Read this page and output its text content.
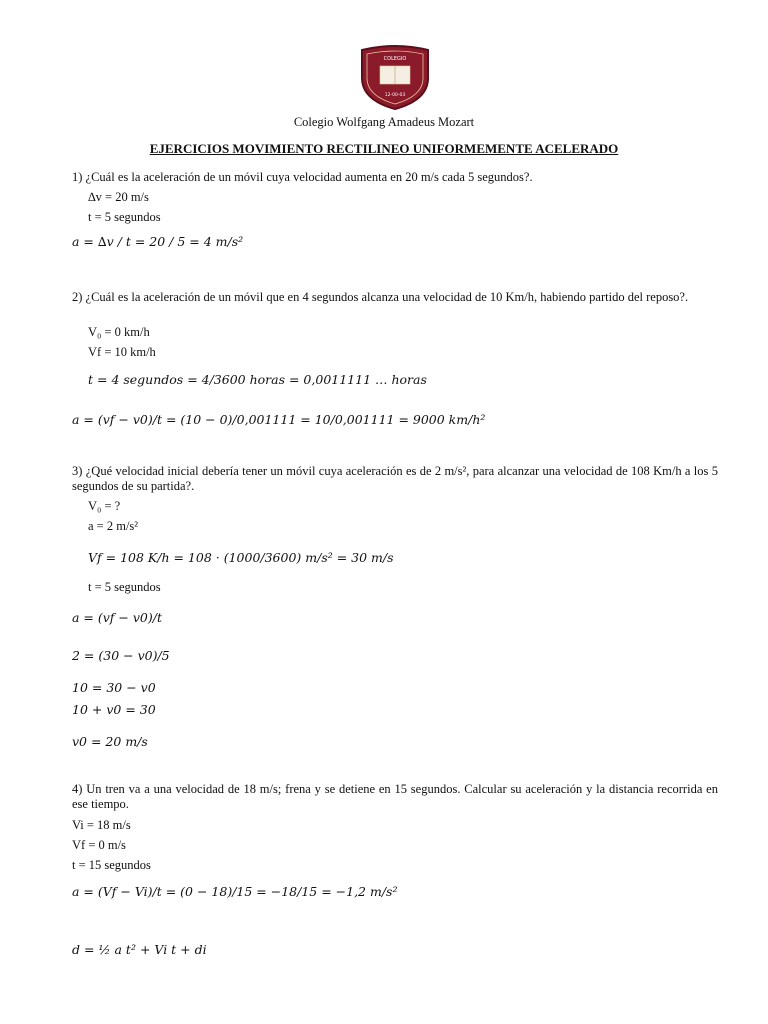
COLEGIO
12-00-03
Colegio Wolfgang Amadeus Mozart
EJERCICIOS MOVIMIENTO RECTILINEO UNIFORMEMENTE ACELERADO
1) ¿Cuál es la aceleración de un móvil cuya velocidad aumenta en 20 m/s cada 5 segundos?.
∆v = 20 m/s
t = 5 segundos
a = ∆v / t = 20 / 5 = 4 m/s²
2) ¿Cuál es la aceleración de un móvil que en 4 segundos alcanza una velocidad de 10 Km/h, habiendo partido del reposo?.
V₀ = 0 km/h
Vf = 10 km/h
t = 4 segundos = 4/3600 horas = 0,0011111 … horas
a = (vf − v0)/t = (10 − 0)/0,001111 = 10/0,001111 = 9000 km/h²
3) ¿Qué velocidad inicial debería tener un móvil cuya aceleración es de 2 m/s², para alcanzar una velocidad de 108 Km/h a los 5 segundos de su partida?.
V₀ = ?
a = 2 m/s²
Vf = 108 K/h = 108 · (1000/3600) m/s² = 30 m/s
t = 5 segundos
a = (vf − v0)/t
2 = (30 − v0)/5
10 = 30 − v0
10 + v0 = 30
v0 = 20 m/s
4) Un tren va a una velocidad de 18 m/s; frena y se detiene en 15 segundos. Calcular su aceleración y la distancia recorrida en ese tiempo.
Vi = 18 m/s
Vf = 0 m/s
t = 15 segundos
a = (Vf − Vi)/t = (0 − 18)/15 = −18/15 = −1,2 m/s²
d = ½ a t² + Vi t + di
